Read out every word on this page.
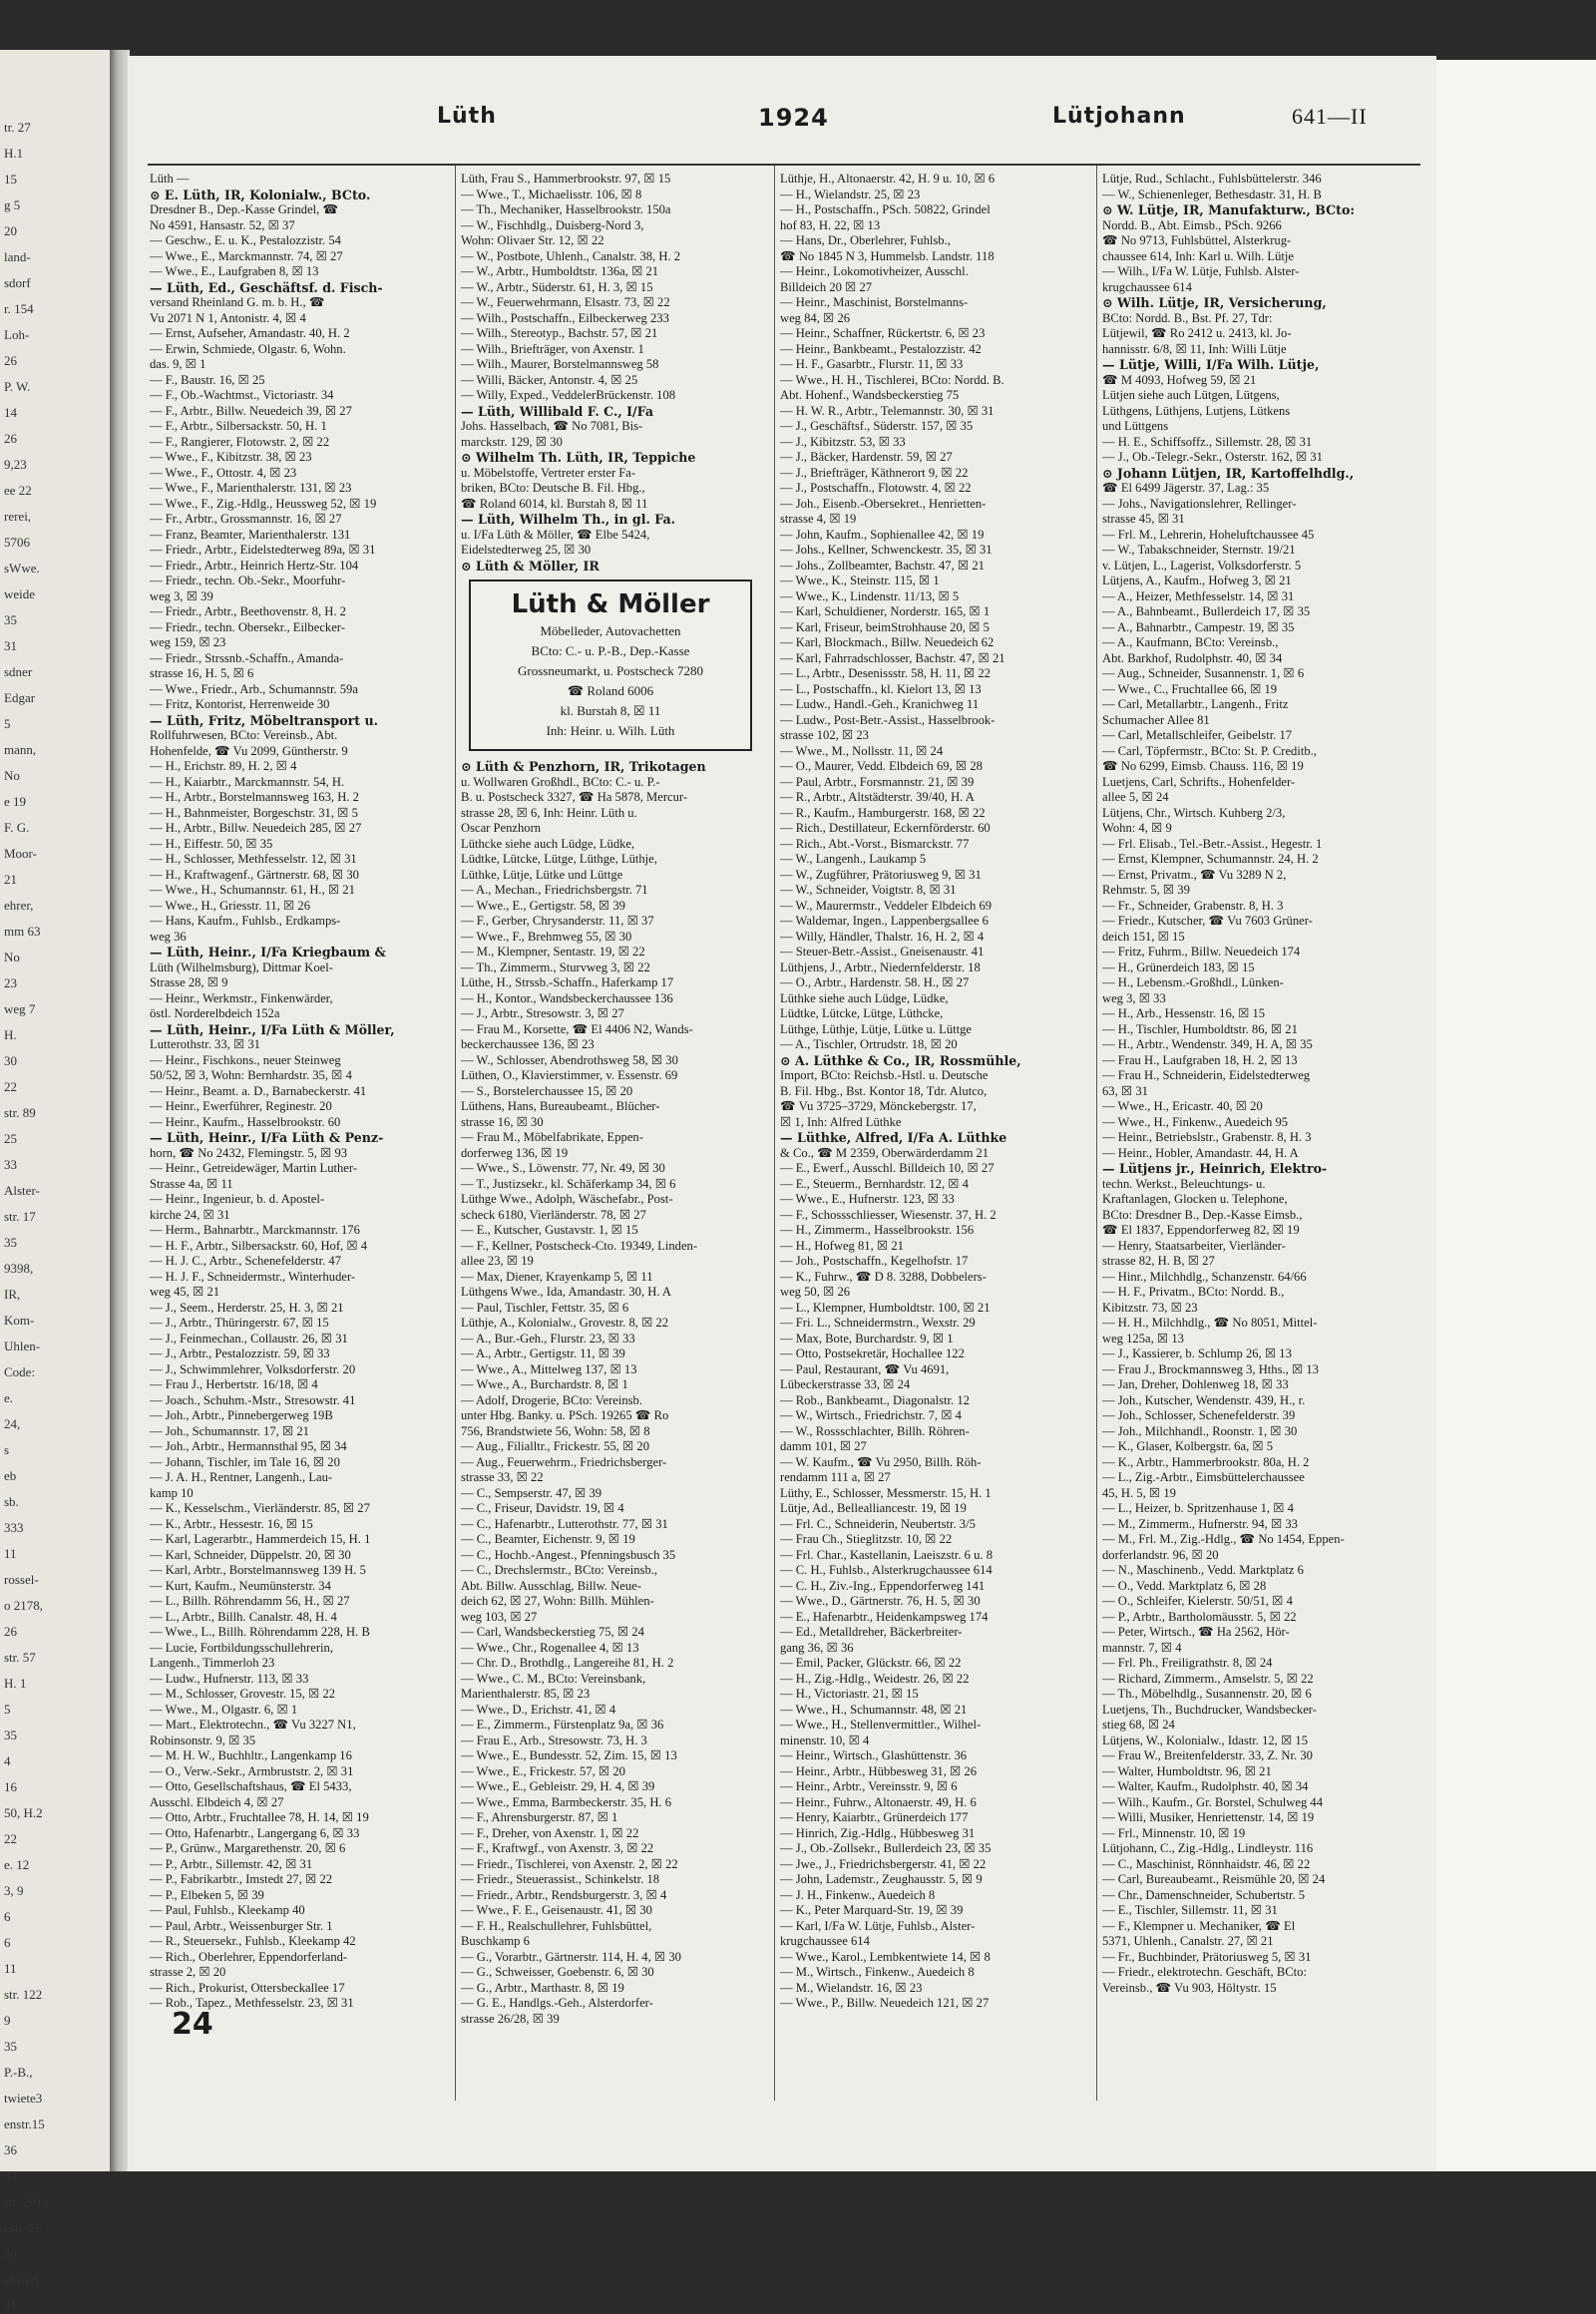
tr. 27
H.1
15
g 5
20
land-
sdorf
r. 154
Loh-
26
P. W.
14
26
9,23
ee 22
rerei,
5706
sWwe.
weide
35
31
sdner
Edgar
5
mann,
No
e 19
F. G.
Moor-
21
ehrer,
mm 63
No
23
weg 7
H.
30
22
str. 89
25
33
Alster-
str. 17
35
9398,
IR,
Kom-
Uhlen-
Code:
e.
24,
s
eb
sb.
333
11
rossel-
o 2178,
26
str. 57
H. 1
5
35
4
16
50, H.2
22
e. 12
3, 9
6
6
11
str. 122
9
35
P.-B.,
twiete3
enstr.15
36
33
str. 201a,
estr. 26
30
aben 8
31
Lüth	1924	Lütjohann	641—II
Lüth —
⊙ E. Lüth, IR, Kolonialw., BCto.
Dresdner B., Dep.-Kasse Grindel, ☎
No 4591, Hansastr. 52, ☒ 37
— Geschw., E. u. K., Pestalozzistr. 54
— Wwe., E., Marckmannstr. 74, ☒ 27
— Wwe., E., Laufgraben 8, ☒ 13
— Lüth, Ed., Geschäftsf. d. Fisch-
versand Rheinland G. m. b. H., ☎
Vu 2071 N 1, Antonistr. 4, ☒ 4
— Ernst, Aufseher, Amandastr. 40, H. 2
— Erwin, Schmiede, Olgastr. 6, Wohn.
das. 9, ☒ 1
— F., Baustr. 16, ☒ 25
— F., Ob.-Wachtmst., Victoriastr. 34
— F., Arbtr., Billw. Neuedeich 39, ☒ 27
— F., Arbtr., Silbersackstr. 50, H. 1
— F., Rangierer, Flotowstr. 2, ☒ 22
— Wwe., F., Kibitzstr. 38, ☒ 23
— Wwe., F., Ottostr. 4, ☒ 23
— Wwe., F., Marienthalerstr. 131, ☒ 23
— Wwe., F., Zig.-Hdlg., Heussweg 52, ☒ 19
— Fr., Arbtr., Grossmannstr. 16, ☒ 27
— Franz, Beamter, Marienthalerstr. 131
— Friedr., Arbtr., Eidelstedterweg 89a, ☒ 31
— Friedr., Arbtr., Heinrich Hertz-Str. 104
— Friedr., techn. Ob.-Sekr., Moorfuhr-
weg 3, ☒ 39
— Friedr., Arbtr., Beethovenstr. 8, H. 2
— Friedr., techn. Obersekr., Eilbecker-
weg 159, ☒ 23
— Friedr., Strssnb.-Schaffn., Amanda-
strasse 16, H. 5, ☒ 6
— Wwe., Friedr., Arb., Schumannstr. 59a
— Fritz, Kontorist, Herrenweide 30
— Lüth, Fritz, Möbeltransport u.
Rollfuhrwesen, BCto: Vereinsb., Abt.
Hohenfelde, ☎ Vu 2099, Güntherstr. 9
— H., Erichstr. 89, H. 2, ☒ 4
— H., Kaiarbtr., Marckmannstr. 54, H.
— H., Arbtr., Borstelmannsweg 163, H. 2
— H., Bahnmeister, Borgeschstr. 31, ☒ 5
— H., Arbtr., Billw. Neuedeich 285, ☒ 27
— H., Eiffestr. 50, ☒ 35
— H., Schlosser, Methfesselstr. 12, ☒ 31
— H., Kraftwagenf., Gärtnerstr. 68, ☒ 30
— Wwe., H., Schumannstr. 61, H., ☒ 21
— Wwe., H., Griesstr. 11, ☒ 26
— Hans, Kaufm., Fuhlsb., Erdkamps-
weg 36
— Lüth, Heinr., I/Fa Kriegbaum &
Lüth (Wilhelmsburg), Dittmar Koel-
Strasse 28, ☒ 9
— Heinr., Werkmstr., Finkenwärder,
östl. Norderelbdeich 152a
— Lüth, Heinr., I/Fa Lüth & Möller,
Lutterothstr. 33, ☒ 31
— Heinr., Fischkons., neuer Steinweg
50/52, ☒ 3, Wohn: Bernhardstr. 35, ☒ 4
— Heinr., Beamt. a. D., Barnabeckerstr. 41
— Heinr., Ewerführer, Reginestr. 20
— Heinr., Kaufm., Hasselbrookstr. 60
— Lüth, Heinr., I/Fa Lüth & Penz-
horn, ☎ No 2432, Flemingstr. 5, ☒ 93
— Heinr., Getreidewäger, Martin Luther-
Strasse 4a, ☒ 11
— Heinr., Ingenieur, b. d. Apostel-
kirche 24, ☒ 31
— Herm., Bahnarbtr., Marckmannstr. 176
— H. F., Arbtr., Silbersackstr. 60, Hof, ☒ 4
— H. J. C., Arbtr., Schenefelderstr. 47
— H. J. F., Schneidermstr., Winterhuder-
weg 45, ☒ 21
— J., Seem., Herderstr. 25, H. 3, ☒ 21
— J., Arbtr., Thüringerstr. 67, ☒ 15
— J., Feinmechan., Collaustr. 26, ☒ 31
— J., Arbtr., Pestalozzistr. 59, ☒ 33
— J., Schwimmlehrer, Volksdorferstr. 20
— Frau J., Herbertstr. 16/18, ☒ 4
— Joach., Schuhm.-Mstr., Stresowstr. 41
— Joh., Arbtr., Pinnebergerweg 19B
— Joh., Schumannstr. 17, ☒ 21
— Joh., Arbtr., Hermannsthal 95, ☒ 34
— Johann, Tischler, im Tale 16, ☒ 20
— J. A. H., Rentner, Langenh., Lau-
kamp 10
— K., Kesselschm., Vierländerstr. 85, ☒ 27
— K., Arbtr., Hessestr. 16, ☒ 15
— Karl, Lagerarbtr., Hammerdeich 15, H. 1
— Karl, Schneider, Düppelstr. 20, ☒ 30
— Karl, Arbtr., Borstelmannsweg 139 H. 5
— Kurt, Kaufm., Neumünsterstr. 34
— L., Billh. Röhrendamm 56, H., ☒ 27
— L., Arbtr., Billh. Canalstr. 48, H. 4
— Wwe., L., Billh. Röhrendamm 228, H. B
— Lucie, Fortbildungsschullehrerin,
Langenh., Timmerloh 23
— Ludw., Hufnerstr. 113, ☒ 33
— M., Schlosser, Grovestr. 15, ☒ 22
— Wwe., M., Olgastr. 6, ☒ 1
— Mart., Elektrotechn., ☎ Vu 3227 N1,
Robinsonstr. 9, ☒ 35
— M. H. W., Buchhltr., Langenkamp 16
— O., Verw.-Sekr., Armbruststr. 2, ☒ 31
— Otto, Gesellschaftshaus, ☎ El 5433,
Ausschl. Elbdeich 4, ☒ 27
— Otto, Arbtr., Fruchtallee 78, H. 14, ☒ 19
— Otto, Hafenarbtr., Langergang 6, ☒ 33
— P., Grünw., Margarethenstr. 20, ☒ 6
— P., Arbtr., Sillemstr. 42, ☒ 31
— P., Fabrikarbtr., Imstedt 27, ☒ 22
— P., Elbeken 5, ☒ 39
— Paul, Fuhlsb., Kleekamp 40
— Paul, Arbtr., Weissenburger Str. 1
— R., Steuersekr., Fuhlsb., Kleekamp 42
— Rich., Oberlehrer, Eppendorferland-
strasse 2, ☒ 20
— Rich., Prokurist, Ottersbeckallee 17
— Rob., Tapez., Methfesselstr. 23, ☒ 31
Lüth, Frau S., Hammerbrookstr. 97, ☒ 15
— Wwe., T., Michaelisstr. 106, ☒ 8
— Th., Mechaniker, Hasselbrookstr. 150a
— W., Fischhdlg., Duisberg-Nord 3,
Wohn: Olivaer Str. 12, ☒ 22
— W., Postbote, Uhlenh., Canalstr. 38, H. 2
— W., Arbtr., Humboldtstr. 136a, ☒ 21
— W., Arbtr., Süderstr. 61, H. 3, ☒ 15
— W., Feuerwehrmann, Elsastr. 73, ☒ 22
— Wilh., Postschaffn., Eilbeckerweg 233
— Wilh., Stereotyp., Bachstr. 57, ☒ 21
— Wilh., Briefträger, von Axenstr. 1
— Wilh., Maurer, Borstelmannsweg 58
— Willi, Bäcker, Antonstr. 4, ☒ 25
— Willy, Exped., VeddelerBrückenstr. 108
— Lüth, Willibald F. C., I/Fa
Johs. Hasselbach, ☎ No 7081, Bis-
marckstr. 129, ☒ 30
⊙ Wilhelm Th. Lüth, IR, Teppiche
u. Möbelstoffe, Vertreter erster Fa-
briken, BCto: Deutsche B. Fil. Hbg.,
☎ Roland 6014, kl. Burstah 8, ☒ 11
— Lüth, Wilhelm Th., in gl. Fa.
u. I/Fa Lüth & Möller, ☎ Elbe 5424,
Eidelstedterweg 25, ☒ 30
⊙ Lüth & Möller, IR
Lüth & Möller
Möbelleder, Autovachetten
BCto: C.- u. P.-B., Dep.-Kasse
Grossneumarkt, u. Postscheck 7280
☎ Roland 6006
kl. Burstah 8, ☒ 11
Inh: Heinr. u. Wilh. Lüth
⊙ Lüth & Penzhorn, IR, Trikotagen
u. Wollwaren Großhdl., BCto: C.- u. P.-
B. u. Postscheck 3327, ☎ Ha 5878, Mercur-
strasse 28, ☒ 6, Inh: Heinr. Lüth u.
Oscar Penzhorn
Lüthcke siehe auch Lüdge, Lüdke,
Lüdtke, Lütcke, Lütge, Lüthge, Lüthje,
Lüthke, Lütje, Lütke und Lüttge
— A., Mechan., Friedrichsbergstr. 71
— Wwe., E., Gertigstr. 58, ☒ 39
— F., Gerber, Chrysanderstr. 11, ☒ 37
— Wwe., F., Brehmweg 55, ☒ 30
— M., Klempner, Sentastr. 19, ☒ 22
— Th., Zimmerm., Sturvweg 3, ☒ 22
Lüthe, H., Strssb.-Schaffn., Haferkamp 17
— H., Kontor., Wandsbeckerchaussee 136
— J., Arbtr., Stresowstr. 3, ☒ 27
— Frau M., Korsette, ☎ El 4406 N2, Wands-
beckerchaussee 136, ☒ 23
— W., Schlosser, Abendrothsweg 58, ☒ 30
Lüthen, O., Klavierstimmer, v. Essenstr. 69
— S., Borstelerchaussee 15, ☒ 20
Lüthens, Hans, Bureaubeamt., Blücher-
strasse 16, ☒ 30
— Frau M., Möbelfabrikate, Eppen-
dorferweg 136, ☒ 19
— Wwe., S., Löwenstr. 77, Nr. 49, ☒ 30
— T., Justizsekr., kl. Schäferkamp 34, ☒ 6
Lüthge Wwe., Adolph, Wäschefabr., Post-
scheck 6180, Vierländerstr. 78, ☒ 27
— E., Kutscher, Gustavstr. 1, ☒ 15
— F., Kellner, Postscheck-Cto. 19349, Linden-
allee 23, ☒ 19
— Max, Diener, Krayenkamp 5, ☒ 11
Lüthgens Wwe., Ida, Amandastr. 30, H. A
— Paul, Tischler, Fettstr. 35, ☒ 6
Lüthje, A., Kolonialw., Grovestr. 8, ☒ 22
— A., Bur.-Geh., Flurstr. 23, ☒ 33
— A., Arbtr., Gertigstr. 11, ☒ 39
— Wwe., A., Mittelweg 137, ☒ 13
— Wwe., A., Burchardstr. 8, ☒ 1
— Adolf, Drogerie, BCto: Vereinsb.
unter Hbg. Banky. u. PSch. 19265 ☎ Ro
756, Brandstwiete 56, Wohn: 58, ☒ 8
— Aug., Filialltr., Frickestr. 55, ☒ 20
— Aug., Feuerwehrm., Friedrichsberger-
strasse 33, ☒ 22
— C., Sempserstr. 47, ☒ 39
— C., Friseur, Davidstr. 19, ☒ 4
— C., Hafenarbtr., Lutterothstr. 77, ☒ 31
— C., Beamter, Eichenstr. 9, ☒ 19
— C., Hochb.-Angest., Pfenningsbusch 35
— C., Drechslermstr., BCto: Vereinsb.,
Abt. Billw. Ausschlag, Billw. Neue-
deich 62, ☒ 27, Wohn: Billh. Mühlen-
weg 103, ☒ 27
— Carl, Wandsbeckerstieg 75, ☒ 24
— Wwe., Chr., Rogenallee 4, ☒ 13
— Chr. D., Brothdlg., Langereihe 81, H. 2
— Wwe., C. M., BCto: Vereinsbank,
Marienthalerstr. 85, ☒ 23
— Wwe., D., Erichstr. 41, ☒ 4
— E., Zimmerm., Fürstenplatz 9a, ☒ 36
— Frau E., Arb., Stresowstr. 73, H. 3
— Wwe., E., Bundesstr. 52, Zim. 15, ☒ 13
— Wwe., E., Frickestr. 57, ☒ 20
— Wwe., E., Gebleistr. 29, H. 4, ☒ 39
— Wwe., Emma, Barmbeckerstr. 35, H. 6
— F., Ahrensburgerstr. 87, ☒ 1
— F., Dreher, von Axenstr. 1, ☒ 22
— F., Kraftwgf., von Axenstr. 3, ☒ 22
— Friedr., Tischlerei, von Axenstr. 2, ☒ 22
— Friedr., Steuerassist., Schinkelstr. 18
— Friedr., Arbtr., Rendsburgerstr. 3, ☒ 4
— Wwe., F. E., Geisenaustr. 41, ☒ 30
— F. H., Realschullehrer, Fuhlsbüttel,
Buschkamp 6
— G., Vorarbtr., Gärtnerstr. 114, H. 4, ☒ 30
— G., Schweisser, Goebenstr. 6, ☒ 30
— G., Arbtr., Marthastr. 8, ☒ 19
— G. E., Handlgs.-Geh., Alsterdorfer-
strasse 26/28, ☒ 39
Lüthje, H., Altonaerstr. 42, H. 9 u. 10, ☒ 6
— H., Wielandstr. 25, ☒ 23
— H., Postschaffn., PSch. 50822, Grindel
hof 83, H. 22, ☒ 13
— Hans, Dr., Oberlehrer, Fuhlsb.,
☎ No 1845 N 3, Hummelsb. Landstr. 118
— Heinr., Lokomotivheizer, Ausschl.
Billdeich 20 ☒ 27
— Heinr., Maschinist, Borstelmanns-
weg 84, ☒ 26
— Heinr., Schaffner, Rückertstr. 6, ☒ 23
— Heinr., Bankbeamt., Pestalozzistr. 42
— H. F., Gasarbtr., Flurstr. 11, ☒ 33
— Wwe., H. H., Tischlerei, BCto: Nordd. B.
Abt. Hohenf., Wandsbeckerstieg 75
— H. W. R., Arbtr., Telemannstr. 30, ☒ 31
— J., Geschäftsf., Süderstr. 157, ☒ 35
— J., Kibitzstr. 53, ☒ 33
— J., Bäcker, Hardenstr. 59, ☒ 27
— J., Briefträger, Käthnerort 9, ☒ 22
— J., Postschaffn., Flotowstr. 4, ☒ 22
— Joh., Eisenb.-Obersekret., Henrietten-
strasse 4, ☒ 19
— John, Kaufm., Sophienallee 42, ☒ 19
— Johs., Kellner, Schwenckestr. 35, ☒ 31
— Johs., Zollbeamter, Bachstr. 47, ☒ 21
— Wwe., K., Steinstr. 115, ☒ 1
— Wwe., K., Lindenstr. 11/13, ☒ 5
— Karl, Schuldiener, Norderstr. 165, ☒ 1
— Karl, Friseur, beimStrohhause 20, ☒ 5
— Karl, Blockmach., Billw. Neuedeich 62
— Karl, Fahrradschlosser, Bachstr. 47, ☒ 21
— L., Arbtr., Desenissstr. 58, H. 11, ☒ 22
— L., Postschaffn., kl. Kielort 13, ☒ 13
— Ludw., Handl.-Geh., Kranichweg 11
— Ludw., Post-Betr.-Assist., Hasselbrook-
strasse 102, ☒ 23
— Wwe., M., Nollsstr. 11, ☒ 24
— O., Maurer, Vedd. Elbdeich 69, ☒ 28
— Paul, Arbtr., Forsmannstr. 21, ☒ 39
— R., Arbtr., Altstädterstr. 39/40, H. A
— R., Kaufm., Hamburgerstr. 168, ☒ 22
— Rich., Destillateur, Eckernförderstr. 60
— Rich., Abt.-Vorst., Bismarckstr. 77
— W., Langenh., Laukamp 5
— W., Zugführer, Prätoriusweg 9, ☒ 31
— W., Schneider, Voigtstr. 8, ☒ 31
— W., Maurermstr., Veddeler Elbdeich 69
— Waldemar, Ingen., Lappenbergsallee 6
— Willy, Händler, Thalstr. 16, H. 2, ☒ 4
— Steuer-Betr.-Assist., Gneisenaustr. 41
Lüthjens, J., Arbtr., Niedernfelderstr. 18
— O., Arbtr., Hardenstr. 58. H., ☒ 27
Lüthke siehe auch Lüdge, Lüdke,
Lüdtke, Lütcke, Lütge, Lüthcke,
Lüthge, Lüthje, Lütje, Lütke u. Lüttge
— A., Tischler, Ortrudstr. 18, ☒ 20
⊙ A. Lüthke & Co., IR, Rossmühle,
Import, BCto: Reichsb.-Hstl. u. Deutsche
B. Fil. Hbg., Bst. Kontor 18, Tdr. Alutco,
☎ Vu 3725–3729, Mönckebergstr. 17,
☒ 1, Inh: Alfred Lüthke
— Lüthke, Alfred, I/Fa A. Lüthke
& Co., ☎ M 2359, Oberwärderdamm 21
— E., Ewerf., Ausschl. Billdeich 10, ☒ 27
— E., Steuerm., Bernhardstr. 12, ☒ 4
— Wwe., E., Hufnerstr. 123, ☒ 33
— F., Schossschliesser, Wiesenstr. 37, H. 2
— H., Zimmerm., Hasselbrookstr. 156
— H., Hofweg 81, ☒ 21
— Joh., Postschaffn., Kegelhofstr. 17
— K., Fuhrw., ☎ D 8. 3288, Dobbelers-
weg 50, ☒ 26
— L., Klempner, Humboldtstr. 100, ☒ 21
— Fri. L., Schneidermstrn., Wexstr. 29
— Max, Bote, Burchardstr. 9, ☒ 1
— Otto, Postsekretär, Hochallee 122
— Paul, Restaurant, ☎ Vu 4691,
Lübeckerstrasse 33, ☒ 24
— Rob., Bankbeamt., Diagonalstr. 12
— W., Wirtsch., Friedrichstr. 7, ☒ 4
— W., Rossschlachter, Billh. Röhren-
damm 101, ☒ 27
— W. Kaufm., ☎ Vu 2950, Billh. Röh-
rendamm 111 a, ☒ 27
Lüthy, E., Schlosser, Messmerstr. 15, H. 1
Lütje, Ad., Bellealliancestr. 19, ☒ 19
— Frl. C., Schneiderin, Neubertstr. 3/5
— Frau Ch., Stieglitzstr. 10, ☒ 22
— Frl. Char., Kastellanin, Laeiszstr. 6 u. 8
— C. H., Fuhlsb., Alsterkrugchaussee 614
— C. H., Ziv.-Ing., Eppendorferweg 141
— Wwe., D., Gärtnerstr. 76, H. 5, ☒ 30
— E., Hafenarbtr., Heidenkampsweg 174
— Ed., Metalldreher, Bäckerbreiter-
gang 36, ☒ 36
— Emil, Packer, Glückstr. 66, ☒ 22
— H., Zig.-Hdlg., Weidestr. 26, ☒ 22
— H., Victoriastr. 21, ☒ 15
— Wwe., H., Schumannstr. 48, ☒ 21
— Wwe., H., Stellenvermittler., Wilhel-
minenstr. 10, ☒ 4
— Heinr., Wirtsch., Glashüttenstr. 36
— Heinr., Arbtr., Hübbesweg 31, ☒ 26
— Heinr., Arbtr., Vereinsstr. 9, ☒ 6
— Heinr., Fuhrw., Altonaerstr. 49, H. 6
— Henry, Kaiarbtr., Grünerdeich 177
— Hinrich, Zig.-Hdlg., Hübbesweg 31
— J., Ob.-Zollsekr., Bullerdeich 23, ☒ 35
— Jwe., J., Friedrichsbergerstr. 41, ☒ 22
— John, Lademstr., Zeughausstr. 5, ☒ 9
— J. H., Finkenw., Auedeich 8
— K., Peter Marquard-Str. 19, ☒ 39
— Karl, I/Fa W. Lütje, Fuhlsb., Alster-
krugchaussee 614
— Wwe., Karol., Lembkentwiete 14, ☒ 8
— M., Wirtsch., Finkenw., Auedeich 8
— M., Wielandstr. 16, ☒ 23
— Wwe., P., Billw. Neuedeich 121, ☒ 27
Lütje, Rud., Schlacht., Fuhlsbüttelerstr. 346
— W., Schienenleger, Bethesdastr. 31, H. B
⊙ W. Lütje, IR, Manufakturw., BCto:
Nordd. B., Abt. Eimsb., PSch. 9266
☎ No 9713, Fuhlsbüttel, Alsterkrug-
chaussee 614, Inh: Karl u. Wilh. Lütje
— Wilh., I/Fa W. Lütje, Fuhlsb. Alster-
krugchaussee 614
⊙ Wilh. Lütje, IR, Versicherung,
BCto: Nordd. B., Bst. Pf. 27, Tdr:
Lütjewil, ☎ Ro 2412 u. 2413, kl. Jo-
hannisstr. 6/8, ☒ 11, Inh: Willi Lütje
— Lütje, Willi, I/Fa Wilh. Lütje,
☎ M 4093, Hofweg 59, ☒ 21
Lütjen siehe auch Lütgen, Lütgens,
Lüthgens, Lüthjens, Lutjens, Lütkens
und Lüttgens
— H. E., Schiffsoffz., Sillemstr. 28, ☒ 31
— J., Ob.-Telegr.-Sekr., Osterstr. 162, ☒ 31
⊙ Johann Lütjen, IR, Kartoffelhdlg.,
☎ El 6499 Jägerstr. 37, Lag.: 35
— Johs., Navigationslehrer, Rellinger-
strasse 45, ☒ 31
— Frl. M., Lehrerin, Hoheluftchaussee 45
— W., Tabakschneider, Sternstr. 19/21
v. Lütjen, L., Lagerist, Volksdorferstr. 5
Lütjens, A., Kaufm., Hofweg 3, ☒ 21
— A., Heizer, Methfesselstr. 14, ☒ 31
— A., Bahnbeamt., Bullerdeich 17, ☒ 35
— A., Bahnarbtr., Campestr. 19, ☒ 35
— A., Kaufmann, BCto: Vereinsb.,
Abt. Barkhof, Rudolphstr. 40, ☒ 34
— Aug., Schneider, Susannenstr. 1, ☒ 6
— Wwe., C., Fruchtallee 66, ☒ 19
— Carl, Metallarbtr., Langenh., Fritz
Schumacher Allee 81
— Carl, Metallschleifer, Geibelstr. 17
— Carl, Töpfermstr., BCto: St. P. Creditb.,
☎ No 6299, Eimsb. Chauss. 116, ☒ 19
Luetjens, Carl, Schrifts., Hohenfelder-
allee 5, ☒ 24
Lütjens, Chr., Wirtsch. Kuhberg 2/3,
Wohn: 4, ☒ 9
— Frl. Elisab., Tel.-Betr.-Assist., Hegestr. 1
— Ernst, Klempner, Schumannstr. 24, H. 2
— Ernst, Privatm., ☎ Vu 3289 N 2,
Rehmstr. 5, ☒ 39
— Fr., Schneider, Grabenstr. 8, H. 3
— Friedr., Kutscher, ☎ Vu 7603 Grüner-
deich 151, ☒ 15
— Fritz, Fuhrm., Billw. Neuedeich 174
— H., Grünerdeich 183, ☒ 15
— H., Lebensm.-Großhdl., Lünken-
weg 3, ☒ 33
— H., Arb., Hessenstr. 16, ☒ 15
— H., Tischler, Humboldtstr. 86, ☒ 21
— H., Arbtr., Wendenstr. 349, H. A, ☒ 35
— Frau H., Laufgraben 18, H. 2, ☒ 13
— Frau H., Schneiderin, Eidelstedterweg
63, ☒ 31
— Wwe., H., Ericastr. 40, ☒ 20
— Wwe., H., Finkenw., Auedeich 95
— Heinr., Betriebslstr., Grabenstr. 8, H. 3
— Heinr., Hobler, Amandastr. 44, H. A
— Lütjens jr., Heinrich, Elektro-
techn. Werkst., Beleuchtungs- u.
Kraftanlagen, Glocken u. Telephone,
BCto: Dresdner B., Dep.-Kasse Eimsb.,
☎ El 1837, Eppendorferweg 82, ☒ 19
— Henry, Staatsarbeiter, Vierländer-
strasse 82, H. B, ☒ 27
— Hinr., Milchhdlg., Schanzenstr. 64/66
— H. F., Privatm., BCto: Nordd. B.,
Kibitzstr. 73, ☒ 23
— H. H., Milchhdlg., ☎ No 8051, Mittel-
weg 125a, ☒ 13
— J., Kassierer, b. Schlump 26, ☒ 13
— Frau J., Brockmannsweg 3, Hths., ☒ 13
— Jan, Dreher, Dohlenweg 18, ☒ 33
— Joh., Kutscher, Wendenstr. 439, H., r.
— Joh., Schlosser, Schenefelderstr. 39
— Joh., Milchhandl., Roonstr. 1, ☒ 30
— K., Glaser, Kolbergstr. 6a, ☒ 5
— K., Arbtr., Hammerbrookstr. 80a, H. 2
— L., Zig.-Arbtr., Eimsbüttelerchaussee
45, H. 5, ☒ 19
— L., Heizer, b. Spritzenhause 1, ☒ 4
— M., Zimmerm., Hufnerstr. 94, ☒ 33
— M., Frl. M., Zig.-Hdlg., ☎ No 1454, Eppen-
dorferlandstr. 96, ☒ 20
— N., Maschinenb., Vedd. Marktplatz 6
— O., Vedd. Marktplatz 6, ☒ 28
— O., Schleifer, Kielerstr. 50/51, ☒ 4
— P., Arbtr., Bartholomäusstr. 5, ☒ 22
— Peter, Wirtsch., ☎ Ha 2562, Hör-
mannstr. 7, ☒ 4
— Frl. Ph., Freiligrathstr. 8, ☒ 24
— Richard, Zimmerm., Amselstr. 5, ☒ 22
— Th., Möbelhdlg., Susannenstr. 20, ☒ 6
Luetjens, Th., Buchdrucker, Wandsbecker-
stieg 68, ☒ 24
Lütjens, W., Kolonialw., Idastr. 12, ☒ 15
— Frau W., Breitenfelderstr. 33, Z. Nr. 30
— Walter, Humboldtstr. 96, ☒ 21
— Walter, Kaufm., Rudolphstr. 40, ☒ 34
— Wilh., Kaufm., Gr. Borstel, Schulweg 44
— Willi, Musiker, Henriettenstr. 14, ☒ 19
— Frl., Minnenstr. 10, ☒ 19
Lütjohann, C., Zig.-Hdlg., Lindleystr. 116
— C., Maschinist, Rönnhaidstr. 46, ☒ 22
— Carl, Bureaubeamt., Reismühle 20, ☒ 24
— Chr., Damenschneider, Schubertstr. 5
— E., Tischler, Sillemstr. 11, ☒ 31
— F., Klempner u. Mechaniker, ☎ El
5371, Uhlenh., Canalstr. 27, ☒ 21
— Fr., Buchbinder, Prätoriusweg 5, ☒ 31
— Friedr., elektrotechn. Geschäft, BCto:
Vereinsb., ☎ Vu 903, Höltystr. 15
24
